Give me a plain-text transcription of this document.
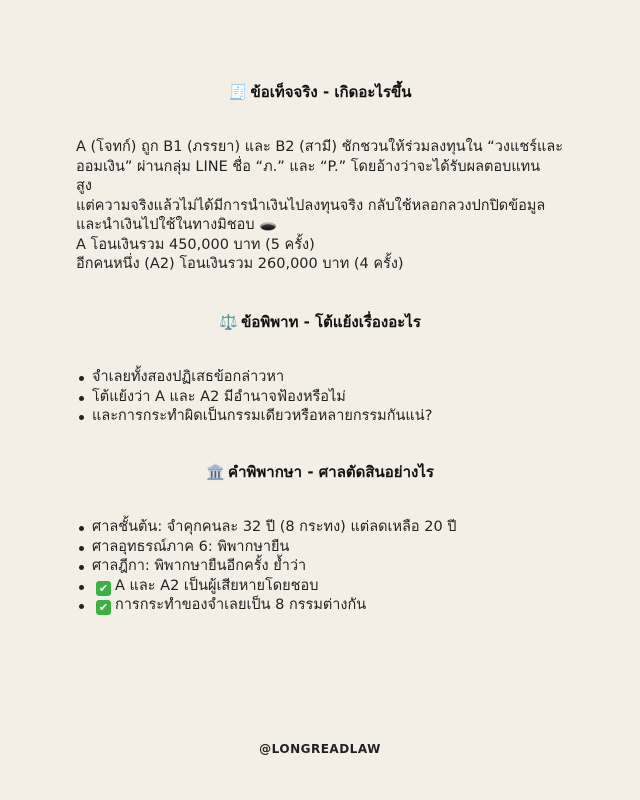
🧾 ข้อเท็จจริง - เกิดอะไรขึ้น
A (โจทก์) ถูก B1 (ภรรยา) และ B2 (สามี) ชักชวนให้ร่วมลงทุนใน “วงแชร์และ
ออมเงิน” ผ่านกลุ่ม LINE ชื่อ “ภ.” และ “P.” โดยอ้างว่าจะได้รับผลตอบแทน
สูง
แต่ความจริงแล้วไม่ได้มีการนำเงินไปลงทุนจริง กลับใช้หลอกลวงปกปิดข้อมูล
และนำเงินไปใช้ในทางมิชอบ 🕳️
A โอนเงินรวม 450,000 บาท (5 ครั้ง)
อีกคนหนึ่ง (A2) โอนเงินรวม 260,000 บาท (4 ครั้ง)
⚖️ ข้อพิพาท - โต้แย้งเรื่องอะไร
จำเลยทั้งสองปฏิเสธข้อกล่าวหา
โต้แย้งว่า A และ A2 มีอำนาจฟ้องหรือไม่
และการกระทำผิดเป็นกรรมเดียวหรือหลายกรรมกันแน่?
🏛️ คำพิพากษา - ศาลตัดสินอย่างไร
ศาลชั้นต้น: จำคุกคนละ 32 ปี (8 กระทง) แต่ลดเหลือ 20 ปี
ศาลอุทธรณ์ภาค 6: พิพากษายืน
ศาลฎีกา: พิพากษายืนอีกครั้ง ย้ำว่า
✔ A และ A2 เป็นผู้เสียหายโดยชอบ
✔ การกระทำของจำเลยเป็น 8 กรรมต่างกัน
@LONGREADLAW
